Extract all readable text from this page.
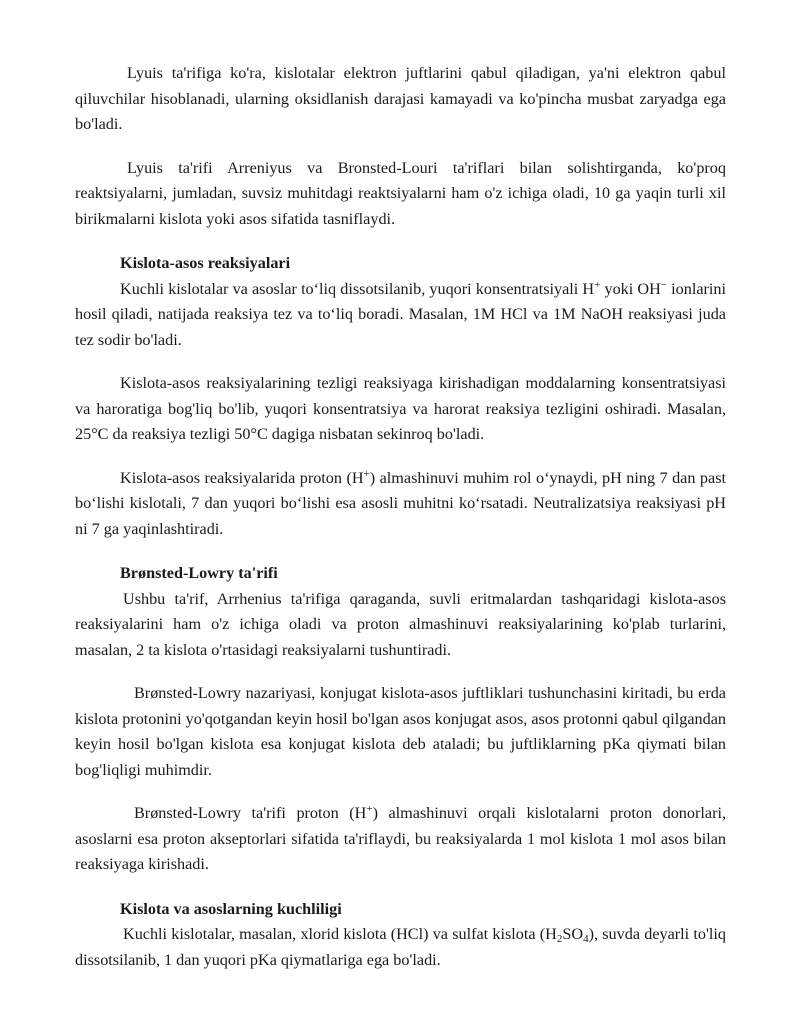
Lyuis ta'rifiga ko'ra, kislotalar elektron juftlarini qabul qiladigan, ya'ni elektron qabul qiluvchilar hisoblanadi, ularning oksidlanish darajasi kamayadi va ko'pincha musbat zaryadga ega bo'ladi.

Lyuis ta'rifi Arreniyus va Bronsted-Louri ta'riflari bilan solishtirganda, ko'proq reaktsiyalarni, jumladan, suvsiz muhitdagi reaktsiyalarni ham o'z ichiga oladi, 10 ga yaqin turli xil birikmalarni kislota yoki asos sifatida tasniflaydi.

Kislota-asos reaksiyalari

Kuchli kislotalar va asoslar to‘liq dissotsilanib, yuqori konsentratsiyali H+ yoki OH− ionlarini hosil qiladi, natijada reaksiya tez va to‘liq boradi. Masalan, 1M HCl va 1M NaOH reaksiyasi juda tez sodir bo'ladi.

Kislota-asos reaksiyalarining tezligi reaksiyaga kirishadigan moddalarning konsentratsiyasi va haroratiga bog'liq bo'lib, yuqori konsentratsiya va harorat reaksiya tezligini oshiradi. Masalan, 25°C da reaksiya tezligi 50°C dagiga nisbatan sekinroq bo'ladi.

Kislota-asos reaksiyalarida proton (H+) almashinuvi muhim rol o‘ynaydi, pH ning 7 dan past bo‘lishi kislotali, 7 dan yuqori bo‘lishi esa asosli muhitni ko‘rsatadi. Neutralizatsiya reaksiyasi pH ni 7 ga yaqinlashtiradi.

Brønsted-Lowry ta'rifi

Ushbu ta'rif, Arrhenius ta'rifiga qaraganda, suvli eritmalardan tashqaridagi kislota-asos reaksiyalarini ham o'z ichiga oladi va proton almashinuvi reaksiyalarining ko'plab turlarini, masalan, 2 ta kislota o'rtasidagi reaksiyalarni tushuntiradi.

Brønsted-Lowry nazariyasi, konjugat kislota-asos juftliklari tushunchasini kiritadi, bu erda kislota protonini yo'qotgandan keyin hosil bo'lgan asos konjugat asos, asos protonni qabul qilgandan keyin hosil bo'lgan kislota esa konjugat kislota deb ataladi; bu juftliklarning pKa qiymati bilan bog'liqligi muhimdir.

Brønsted-Lowry ta'rifi proton (H+) almashinuvi orqali kislotalarni proton donorlari, asoslarni esa proton akseptorlari sifatida ta'riflaydi, bu reaksiyalarda 1 mol kislota 1 mol asos bilan reaksiyaga kirishadi.

Kislota va asoslarning kuchliligi

Kuchli kislotalar, masalan, xlorid kislota (HCl) va sulfat kislota $(H_2SO_4)$, suvda deyarli to'liq dissotsilanib, 1 dan yuqori pKa qiymatlariga ega bo'ladi.
